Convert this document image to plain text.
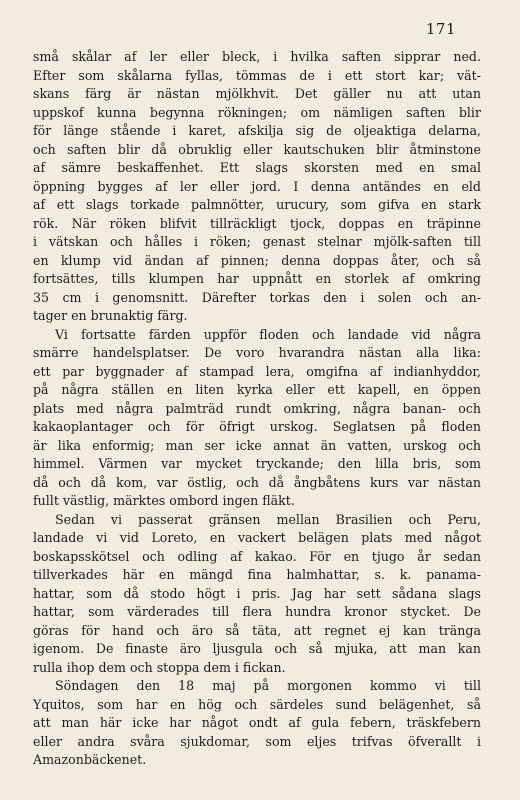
171
små skålar af ler eller bleck, i hvilka saften sipprar ned.
Efter som skålarna fyllas, tömmas de i ett stort kar; vät-
skans färg är nästan mjölkhvit. Det gäller nu att utan
uppskof kunna begynna rökningen; om nämligen saften blir
för länge stående i karet, afskilja sig de oljeaktiga delarna,
och saften blir då obruklig eller kautschuken blir åtminstone
af sämre beskaffenhet. Ett slags skorsten med en smal
öppning bygges af ler eller jord. I denna antändes en eld
af ett slags torkade palmnötter, urucury, som gifva en stark
rök. När röken blifvit tillräckligt tjock, doppas en träpinne
i vätskan och hålles i röken; genast stelnar mjölk-saften till
en klump vid ändan af pinnen; denna doppas åter, och så
fortsättes, tills klumpen har uppnått en storlek af omkring
35 cm i genomsnitt. Därefter torkas den i solen och an-
tager en brunaktig färg.
Vi fortsatte färden uppför floden och landade vid några
smärre handelsplatser. De voro hvarandra nästan alla lika:
ett par byggnader af stampad lera, omgifna af indianhyddor,
på några ställen en liten kyrka eller ett kapell, en öppen
plats med några palmträd rundt omkring, några banan- och
kakaoplantager och för öfrigt urskog. Seglatsen på floden
är lika enformig; man ser icke annat än vatten, urskog och
himmel. Värmen var mycket tryckande; den lilla bris, som
då och då kom, var östlig, och då ångbåtens kurs var nästan
fullt västlig, märktes ombord ingen fläkt.
Sedan vi passerat gränsen mellan Brasilien och Peru,
landade vi vid Loreto, en vackert belägen plats med något
boskapsskötsel och odling af kakao. För en tjugo år sedan
tillverkades här en mängd fina halmhattar, s. k. panama-
hattar, som då stodo högt i pris. Jag har sett sådana slags
hattar, som värderades till flera hundra kronor stycket. De
göras för hand och äro så täta, att regnet ej kan tränga
igenom. De finaste äro ljusgula och så mjuka, att man kan
rulla ihop dem och stoppa dem i fickan.
Söndagen den 18 maj på morgonen kommo vi till
Yquitos, som har en hög och särdeles sund belägenhet, så
att man här icke har något ondt af gula febern, träskfebern
eller andra svåra sjukdomar, som eljes trifvas öfverallt i
Amazonbäckenet.
